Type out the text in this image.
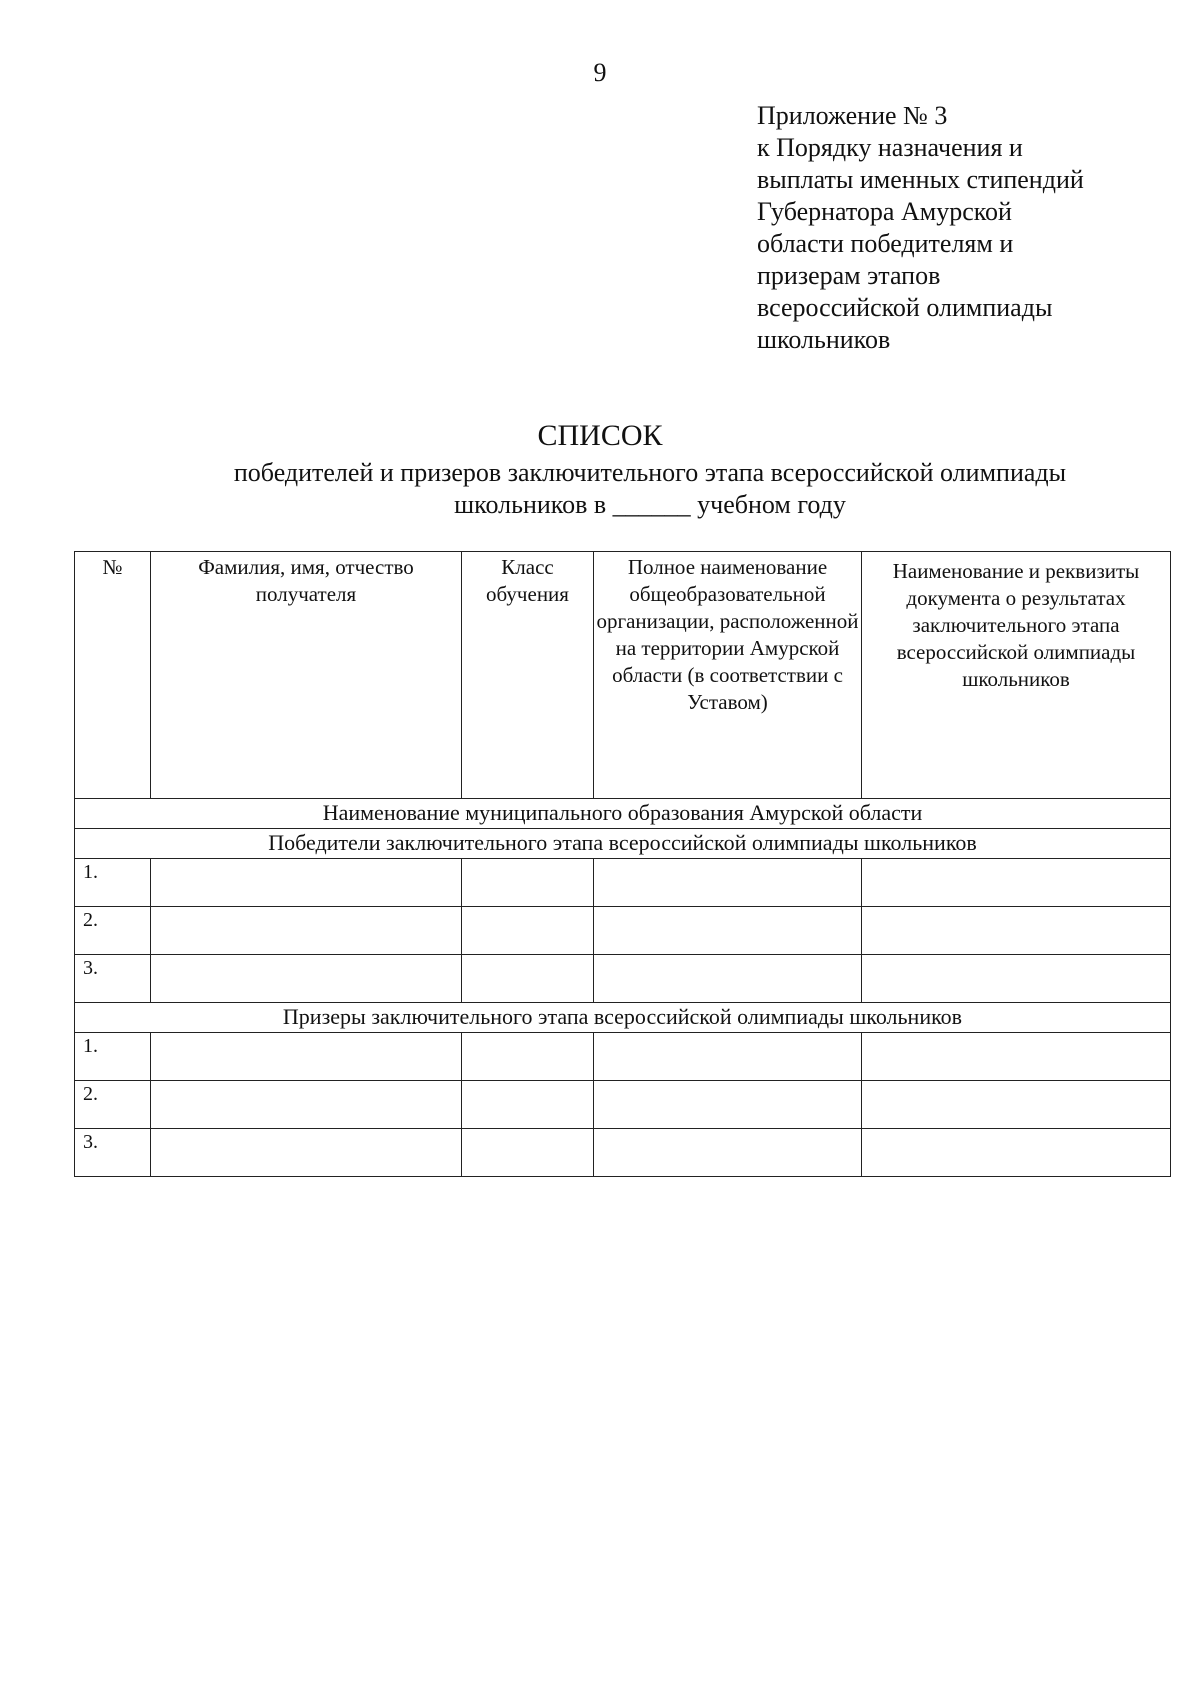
9
Приложение № 3
к Порядку назначения и
выплаты именных стипендий
Губернатора Амурской
области победителям и
призерам этапов
всероссийской олимпиады
школьников
СПИСОК
победителей и призеров заключительного этапа всероссийской олимпиады
школьников в ______ учебном году
№	Фамилия, имя, отчество получателя	Класс обучения	Полное наименование общеобразовательной организации, расположенной на территории Амурской области (в соответствии с Уставом)	Наименование и реквизиты документа о результатах заключительного этапа всероссийской олимпиады школьников
Наименование муниципального образования Амурской области				
Победители заключительного этапа всероссийской олимпиады школьников				
1.				
2.				
3.				
Призеры заключительного этапа всероссийской олимпиады школьников				
1.				
2.				
3.				
